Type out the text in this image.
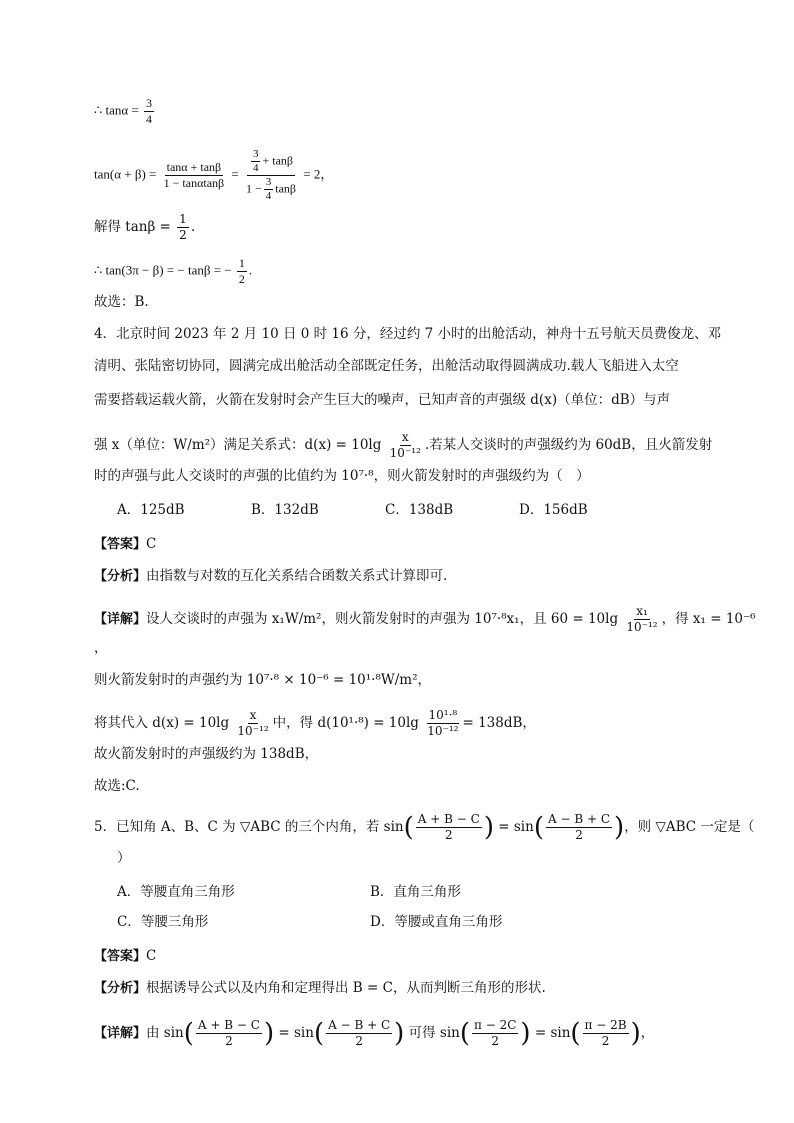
∴ $\tan\alpha = \frac{3}{4}$
$\tan(\alpha + \beta) = \frac{\tan\alpha + \tan\beta}{1 - \tan\alpha\tan\beta} = \frac{\frac{3}{4} + \tan\beta}{1 - \frac{3}{4} \tan\beta} = 2$，
解得 $\tan\beta = \frac{1}{2}$ .
∴ tan(3π − β) = − tanβ = − $\frac{1}{2}$ .
故选：B.
4．北京时间 2023 年 2 月 10 日 0 时 16 分，经过约 7 小时的出舱活动，神舟十五号航天员费俊龙、邓
清明、张陆密切协同，圆满完成出舱活动全部既定任务，出舱活动取得圆满成功.载人飞船进入太空
需要搭载运载火箭，火箭在发射时会产生巨大的噪声，已知声音的声强级 d(x)（单位：dB）与声
强 x（单位：W/m²）满足关系式：$d(x) = 10\lg \frac{x}{\text{10⁻¹²}}$ .若某人交谈时的声强级约为 60dB，且火箭发射
时的声强与此人交谈时的声强的比值约为 10⁷·⁸，则火箭发射时的声强级约为（　）
A．125dB	B．132dB	C．138dB	D．156dB
【答案】C
【分析】由指数与对数的互化关系结合函数关系式计算即可.
【详解】设人交谈时的声强为 x₁W/m²，则火箭发射时的声强为 10⁷·⁸x₁，且 $60 = 10\lg \frac{\text{x₁}}{\text{10⁻¹²}}$ ，得 x₁ = 10⁻⁶
，
则火箭发射时的声强约为 10⁷·⁸ × 10⁻⁶ = 10¹·⁸W/m²，
将其代入 $d(x) = 10\lg \frac{x}{\text{10⁻¹²}}$ 中，得 $d(10^1\cdot^8) = 10\lg \frac{\text{10¹·⁸}}{\text{10⁻¹²}} = 138dB$，
故火箭发射时的声强级约为 138dB，
故选:C.
5．已知角 A、B、C 为 ▽ABC 的三个内角，若 $\sin( \frac{A + B - C}{2}$ ) = $\sin( \frac{A - B + C}{2}$ )，则 ▽ABC 一定是（
）
A．等腰直角三角形	B．直角三角形
C．等腰三角形	D．等腰或直角三角形
【答案】C
【分析】根据诱导公式以及内角和定理得出 B = C，从而判断三角形的形状.
【详解】由 $\sin( \frac{A + B - C}{2}$ ) = $\sin( \frac{A - B + C}{2}$ ) 可得 $\sin( \frac{\pi - 2C}{2}$ ) = $\sin( \frac{\pi - 2B}{2}$ )，
